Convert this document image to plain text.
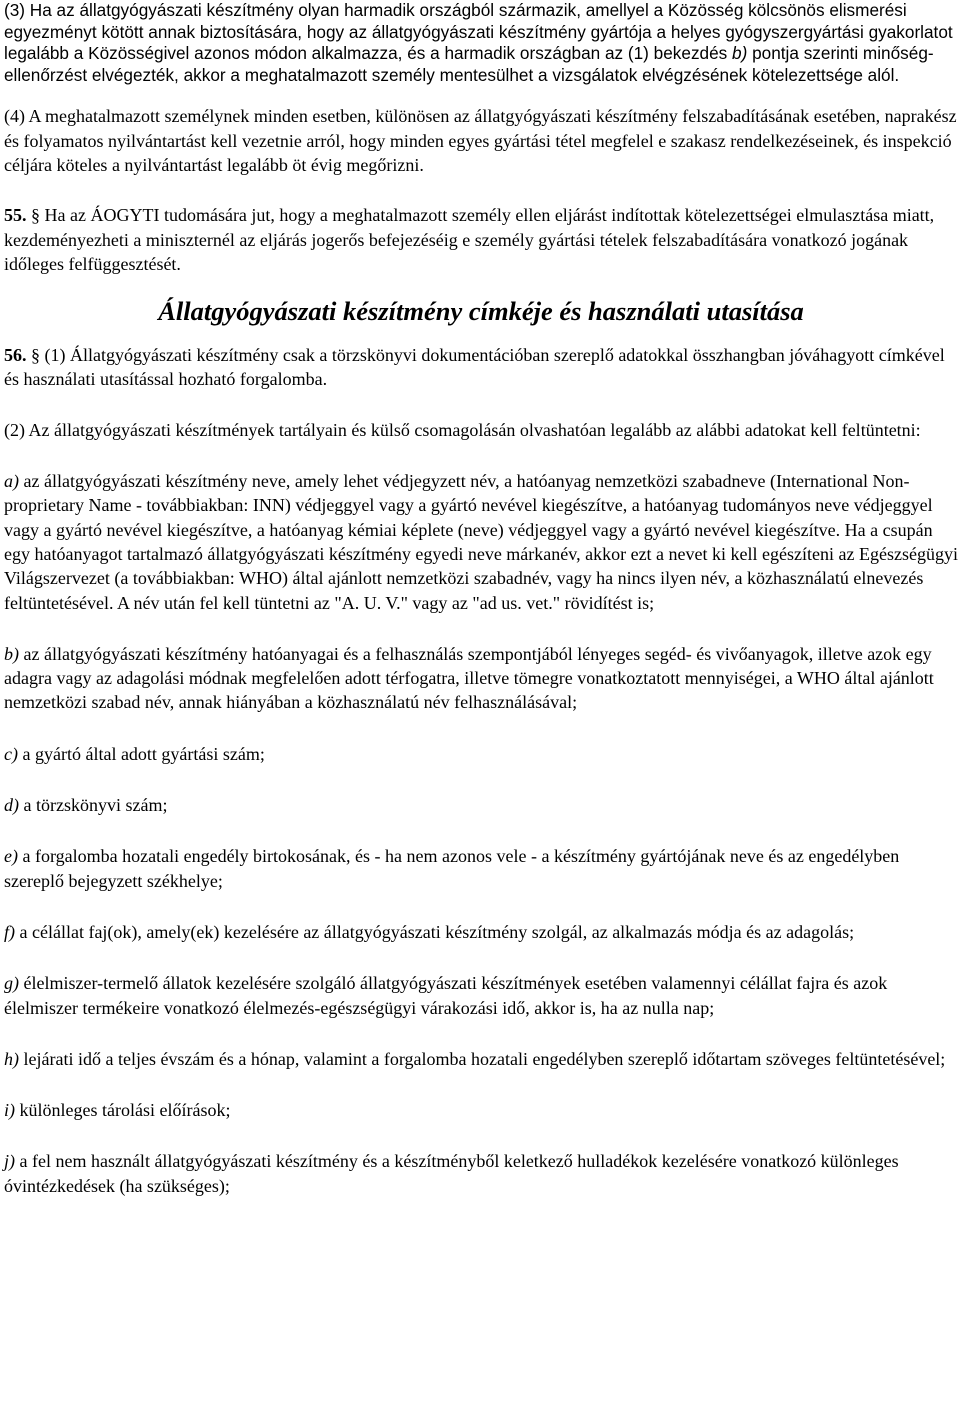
(3) Ha az állatgyógyászati készítmény olyan harmadik országból származik, amellyel a Közösség kölcsönös elismerési egyezményt kötött annak biztosítására, hogy az állatgyógyászati készítmény gyártója a helyes gyógyszergyártási gyakorlatot legalább a Közösségivel azonos módon alkalmazza, és a harmadik országban az (1) bekezdés b) pontja szerinti minőség-ellenőrzést elvégezték, akkor a meghatalmazott személy mentesülhet a vizsgálatok elvégzésének kötelezettsége alól.

(4) A meghatalmazott személynek minden esetben, különösen az állatgyógyászati készítmény felszabadításának esetében, naprakész és folyamatos nyilvántartást kell vezetnie arról, hogy minden egyes gyártási tétel megfelel e szakasz rendelkezéseinek, és inspekció céljára köteles a nyilvántartást legalább öt évig megőrizni.

55. § Ha az ÁOGYTI tudomására jut, hogy a meghatalmazott személy ellen eljárást indítottak kötelezettségei elmulasztása miatt, kezdeményezheti a miniszternél az eljárás jogerős befejezéséig e személy gyártási tételek felszabadítására vonatkozó jogának időleges felfüggesztését.

Állatgyógyászati készítmény címkéje és használati utasítása

56. § (1) Állatgyógyászati készítmény csak a törzskönyvi dokumentációban szereplő adatokkal összhangban jóváhagyott címkével és használati utasítással hozható forgalomba.

(2) Az állatgyógyászati készítmények tartályain és külső csomagolásán olvashatóan legalább az alábbi adatokat kell feltüntetni:

a) az állatgyógyászati készítmény neve, amely lehet védjegyzett név, a hatóanyag nemzetközi szabadneve (International Non-proprietary Name - továbbiakban: INN) védjeggyel vagy a gyártó nevével kiegészítve, a hatóanyag tudományos neve védjeggyel vagy a gyártó nevével kiegészítve, a hatóanyag kémiai képlete (neve) védjeggyel vagy a gyártó nevével kiegészítve. Ha a csupán egy hatóanyagot tartalmazó állatgyógyászati készítmény egyedi neve márkanév, akkor ezt a nevet ki kell egészíteni az Egészségügyi Világszervezet (a továbbiakban: WHO) által ajánlott nemzetközi szabadnév, vagy ha nincs ilyen név, a közhasználatú elnevezés feltüntetésével. A név után fel kell tüntetni az "A. U. V." vagy az "ad us. vet." rövidítést is;

b) az állatgyógyászati készítmény hatóanyagai és a felhasználás szempontjából lényeges segéd- és vivőanyagok, illetve azok egy adagra vagy az adagolási módnak megfelelően adott térfogatra, illetve tömegre vonatkoztatott mennyiségei, a WHO által ajánlott nemzetközi szabad név, annak hiányában a közhasználatú név felhasználásával;

c) a gyártó által adott gyártási szám;

d) a törzskönyvi szám;

e) a forgalomba hozatali engedély birtokosának, és - ha nem azonos vele - a készítmény gyártójának neve és az engedélyben szereplő bejegyzett székhelye;

f) a célállat faj(ok), amely(ek) kezelésére az állatgyógyászati készítmény szolgál, az alkalmazás módja és az adagolás;

g) élelmiszer-termelő állatok kezelésére szolgáló állatgyógyászati készítmények esetében valamennyi célállat fajra és azok élelmiszer termékeire vonatkozó élelmezés-egészségügyi várakozási idő, akkor is, ha az nulla nap;

h) lejárati idő a teljes évszám és a hónap, valamint a forgalomba hozatali engedélyben szereplő időtartam szöveges feltüntetésével;

i) különleges tárolási előírások;

j) a fel nem használt állatgyógyászati készítmény és a készítményből keletkező hulladékok kezelésére vonatkozó különleges óvintézkedések (ha szükséges);
